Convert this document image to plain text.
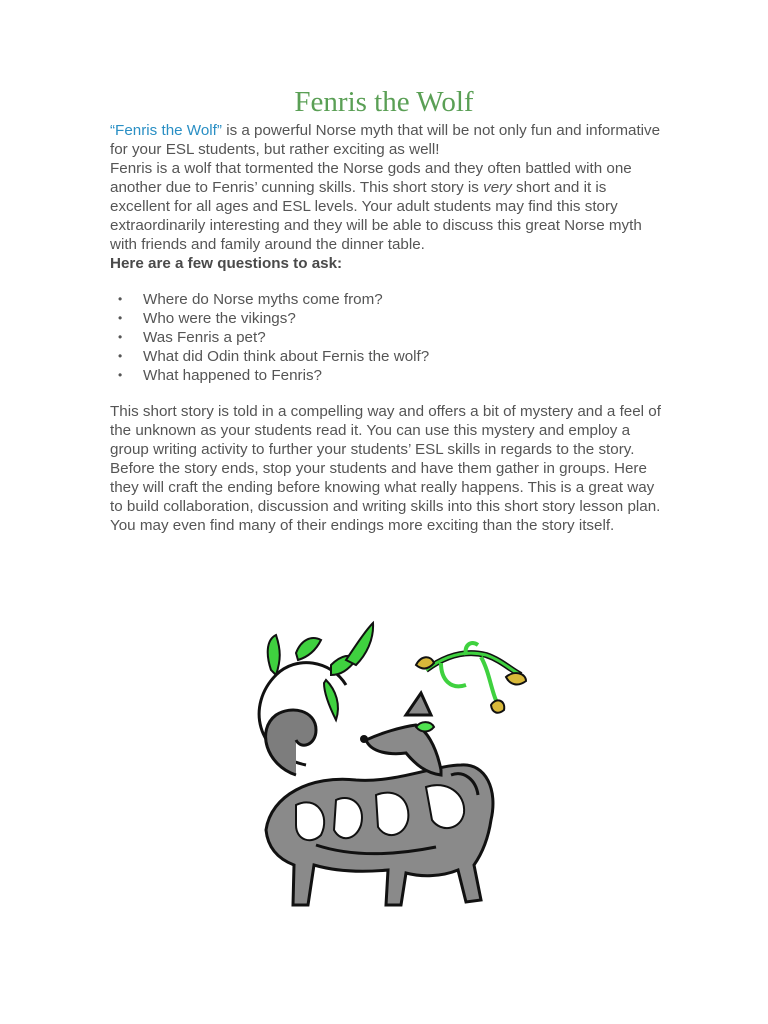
Fenris the Wolf

“Fenris the Wolf” is a powerful Norse myth that will be not only fun and informative for your ESL students, but rather exciting as well!

Fenris is a wolf that tormented the Norse gods and they often battled with one another due to Fenris’ cunning skills. This short story is very short and it is excellent for all ages and ESL levels. Your adult students may find this story extraordinarily interesting and they will be able to discuss this great Norse myth with friends and family around the dinner table.

Here are a few questions to ask:

• Where do Norse myths come from?
• Who were the vikings?
• Was Fenris a pet?
• What did Odin think about Fernis the wolf?
• What happened to Fenris?

This short story is told in a compelling way and offers a bit of mystery and a feel of the unknown as your students read it. You can use this mystery and employ a group writing activity to further your students’ ESL skills in regards to the story.

Before the story ends, stop your students and have them gather in groups. Here they will craft the ending before knowing what really happens. This is a great way to build collaboration, discussion and writing skills into this short story lesson plan. You may even find many of their endings more exciting than the story itself.
